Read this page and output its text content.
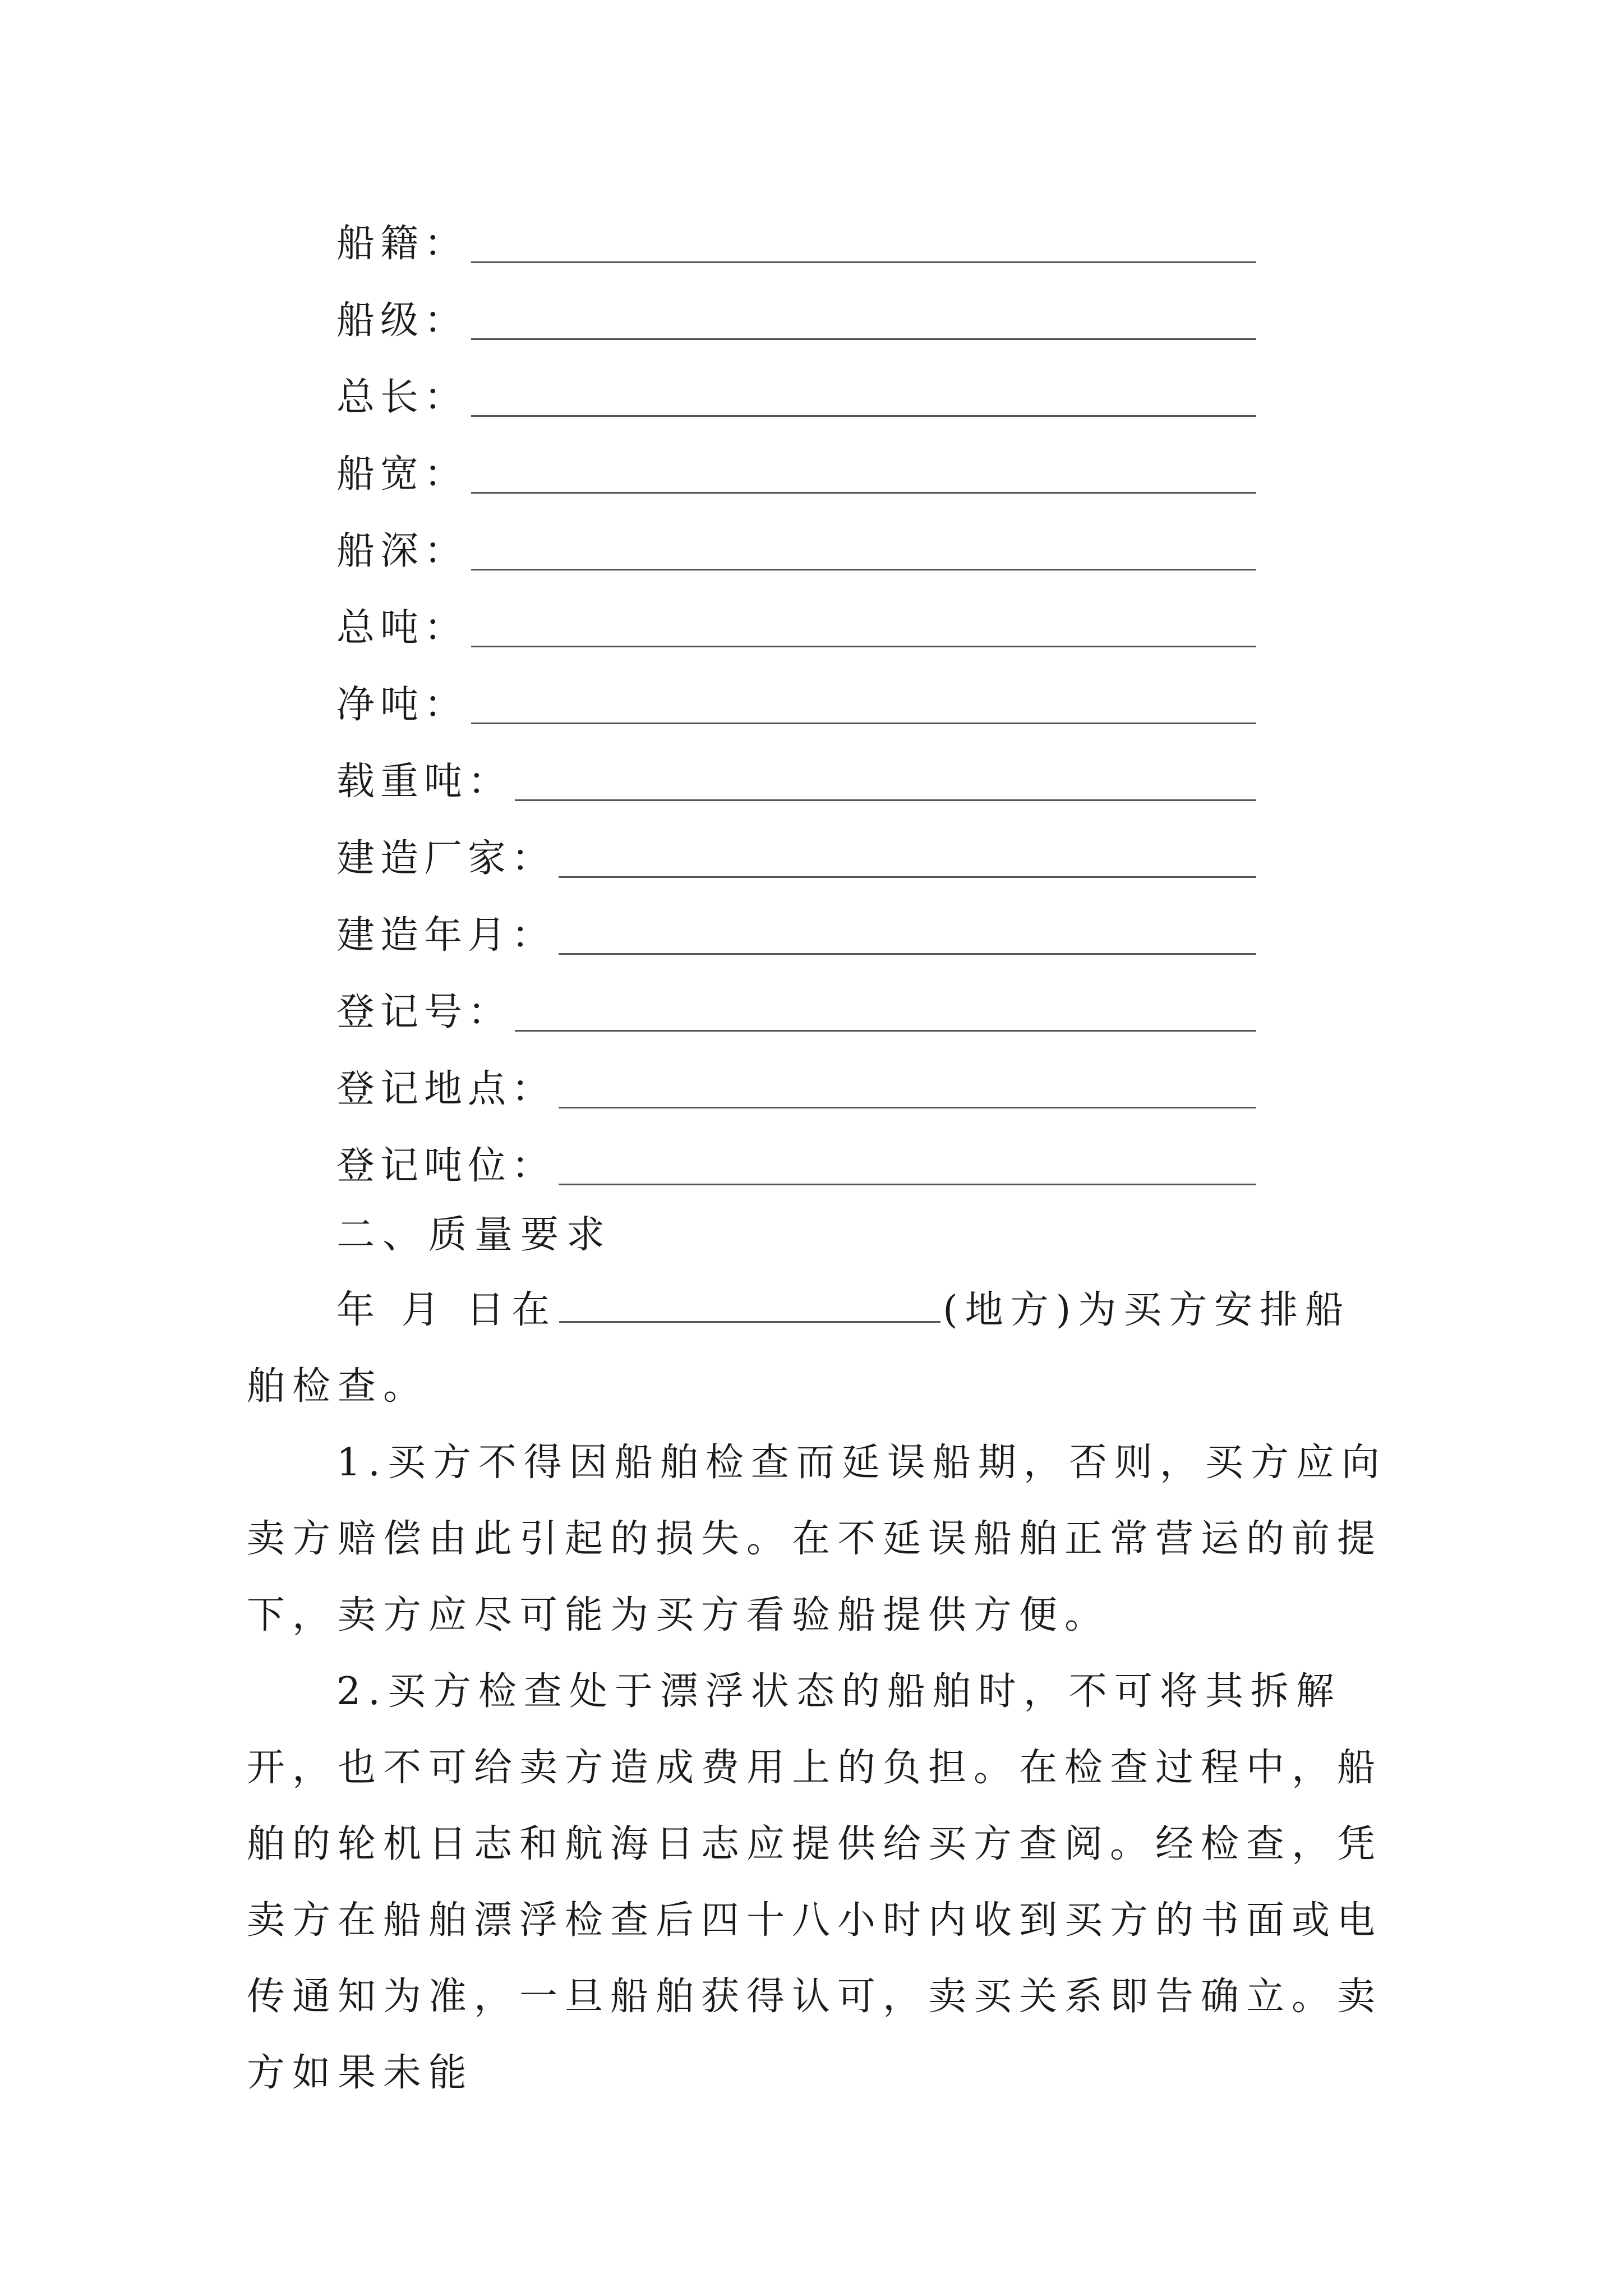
船籍：
船级：
总长：
船宽：
船深：
总吨：
净吨：
载重吨：
建造厂家：
建造年月：
登记号：
登记地点：
登记吨位：
二、质量要求

年 月 日在	(地方)为买方安排船舶检查。

1.买方不得因船舶检查而延误船期，否则，买方应向卖方赔偿由此引起的损失。在不延误船舶正常营运的前提下，卖方应尽可能为买方看验船提供方便。

2.买方检查处于漂浮状态的船舶时，不可将其拆解开，也不可给卖方造成费用上的负担。在检查过程中，船舶的轮机日志和航海日志应提供给买方查阅。经检查，凭卖方在船舶漂浮检查后四十八小时内收到买方的书面或电传通知为准，一旦船舶获得认可，卖买关系即告确立。卖方如果未能
